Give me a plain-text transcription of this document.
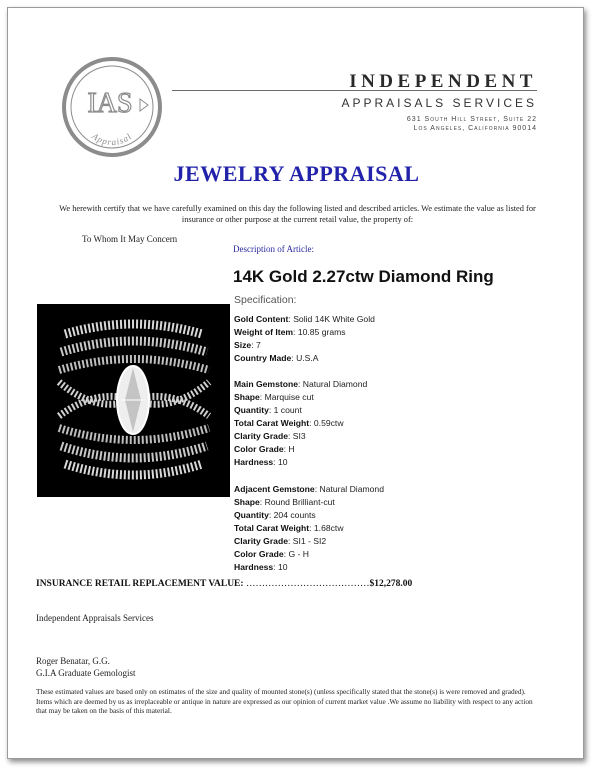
IAS
Appraisal
INDEPENDENT
APPRAISALS SERVICES
631 South Hill Street, Suite 22
Los Angeles, California 90014
JEWELRY APPRAISAL
We herewith certify that we have carefully examined on this day the following listed and described articles. We estimate the value as listed for insurance or other purpose at the current retail value, the property of:
To Whom It May Concern
Description of Article:
14K Gold 2.27ctw Diamond Ring
Specification:
Gold Content: Solid 14K White Gold
Weight of Item: 10.85 grams
Size: 7
Country Made: U.S.A
Main Gemstone: Natural Diamond
Shape: Marquise cut
Quantity: 1 count
Total Carat Weight: 0.59ctw
Clarity Grade: SI3
Color Grade: H
Hardness: 10
Adjacent Gemstone: Natural Diamond
Shape: Round Brilliant-cut
Quantity: 204 counts
Total Carat Weight: 1.68ctw
Clarity Grade: SI1 - SI2
Color Grade: G - H
Hardness: 10
INSURANCE RETAIL REPLACEMENT VALUE: …………………………………$12,278.00
Independent Appraisals Services
Roger Benatar, G.G.
G.I.A Graduate Gemologist
These estimated values are based only on estimates of the size and quality of mounted stone(s) (unless specifically stated that the stone(s) is were removed and graded). Items which are deemed by us as irreplaceable or antique in nature are expressed as our opinion of current market value .We assume no liability with respect to any action that may be taken on the basis of this material.
